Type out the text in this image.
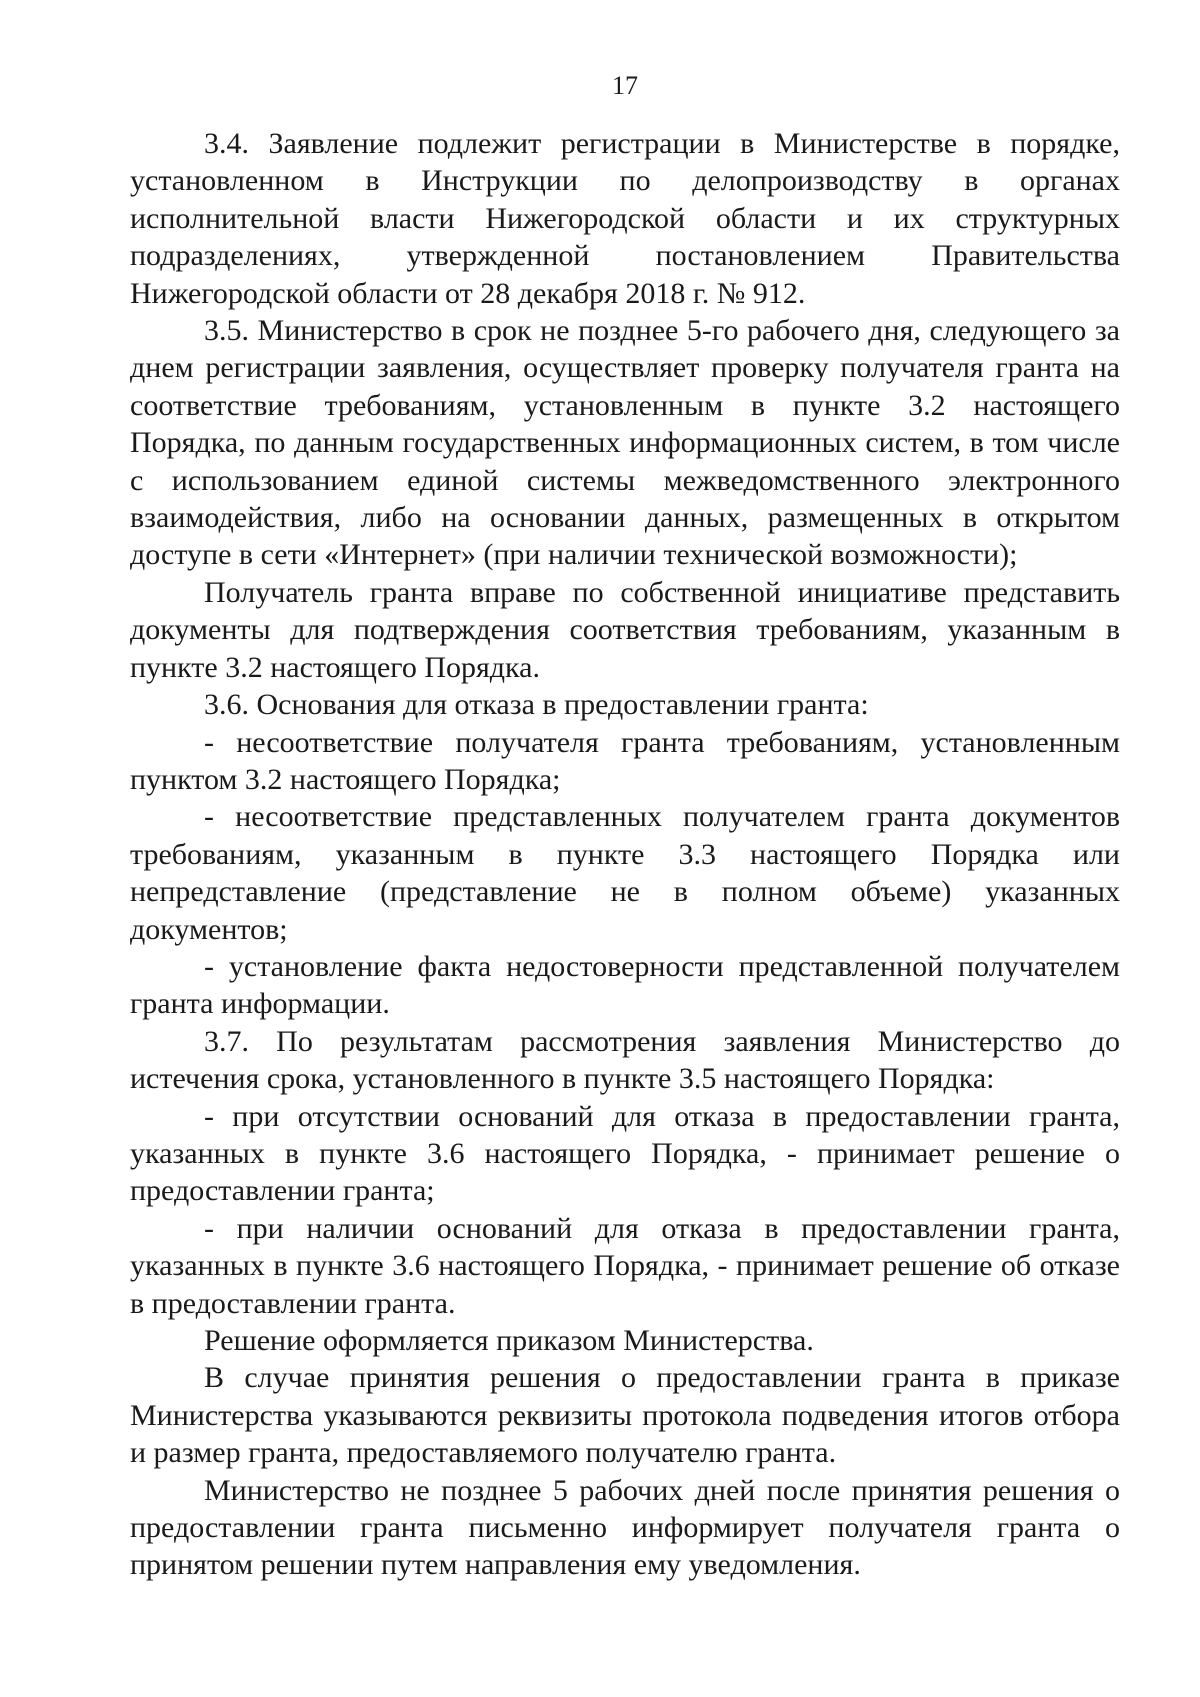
17

3.4. Заявление подлежит регистрации в Министерстве в порядке, установленном в Инструкции по делопроизводству в органах исполнительной власти Нижегородской области и их структурных подразделениях, утвержденной постановлением Правительства Нижегородской области от 28 декабря 2018 г. № 912.

3.5. Министерство в срок не позднее 5-го рабочего дня, следующего за днем регистрации заявления, осуществляет проверку получателя гранта на соответствие требованиям, установленным в пункте 3.2 настоящего Порядка, по данным государственных информационных систем, в том числе с использованием единой системы межведомственного электронного взаимодействия, либо на основании данных, размещенных в открытом доступе в сети «Интернет» (при наличии технической возможности);

Получатель гранта вправе по собственной инициативе представить документы для подтверждения соответствия требованиям, указанным в пункте 3.2 настоящего Порядка.

3.6. Основания для отказа в предоставлении гранта:

- несоответствие получателя гранта требованиям, установленным пунктом 3.2 настоящего Порядка;

- несоответствие представленных получателем гранта документов требованиям, указанным в пункте 3.3 настоящего Порядка или непредставление (представление не в полном объеме) указанных документов;

- установление факта недостоверности представленной получателем гранта информации.

3.7. По результатам рассмотрения заявления Министерство до истечения срока, установленного в пункте 3.5 настоящего Порядка:

- при отсутствии оснований для отказа в предоставлении гранта, указанных в пункте 3.6 настоящего Порядка, - принимает решение о предоставлении гранта;

- при наличии оснований для отказа в предоставлении гранта, указанных в пункте 3.6 настоящего Порядка, - принимает решение об отказе в предоставлении гранта.

Решение оформляется приказом Министерства.

В случае принятия решения о предоставлении гранта в приказе Министерства указываются реквизиты протокола подведения итогов отбора и размер гранта, предоставляемого получателю гранта.

Министерство не позднее 5 рабочих дней после принятия решения о предоставлении гранта письменно информирует получателя гранта о принятом решении путем направления ему уведомления.
